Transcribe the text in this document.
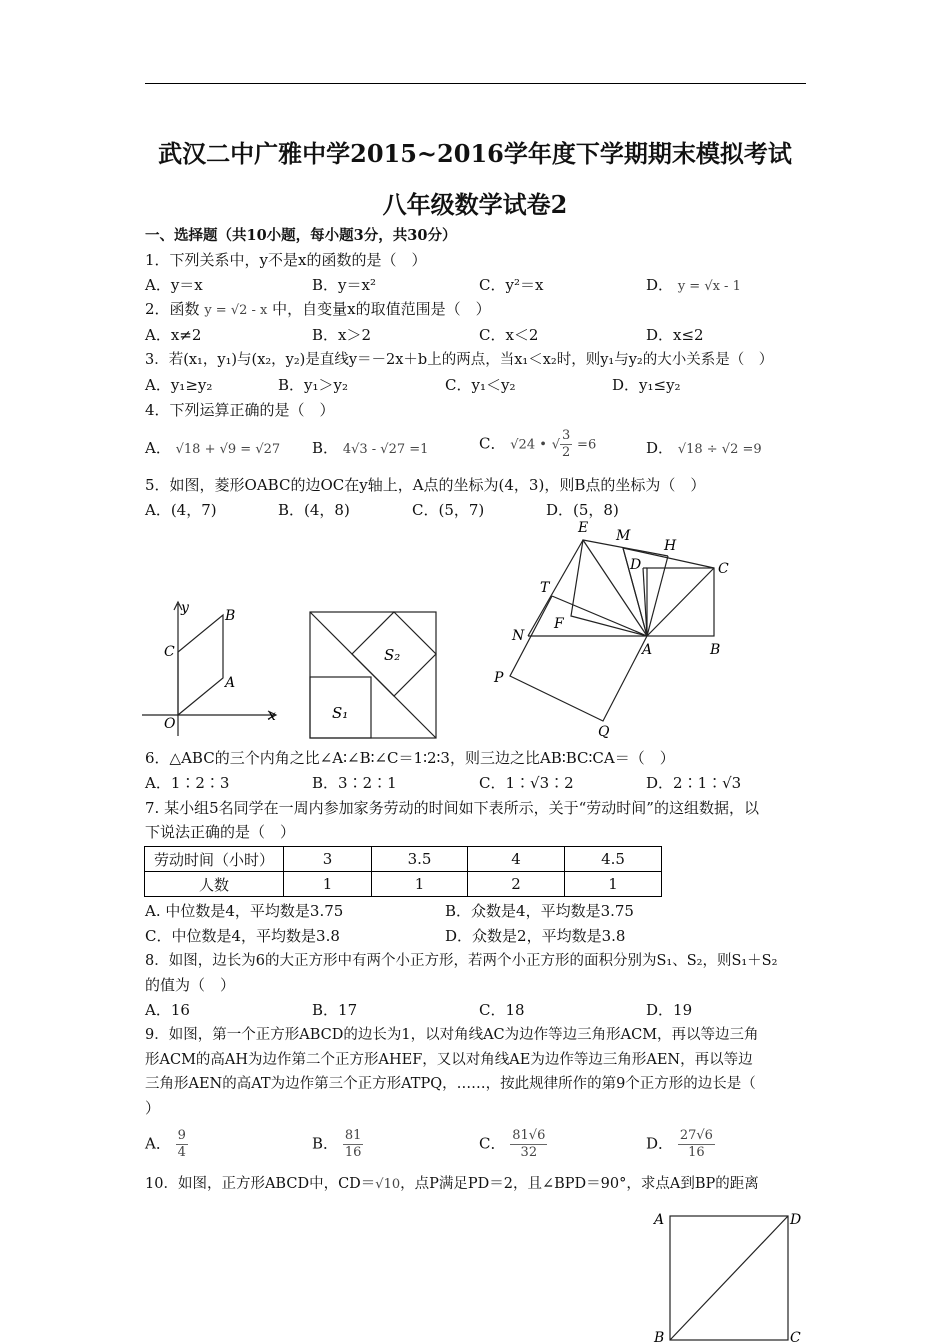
武汉二中广雅中学2015~2016学年度下学期期末模拟考试
八年级数学试卷2
一、选择题（共10小题，每小题3分，共30分）
1．下列关系中，y不是x的函数的是（　）
A．y＝x	B．y＝x²	C．y²＝x	D． y = √x - 1
2．函数 y = √2 - x 中，自变量x的取值范围是（　）
A．x≠2	B．x＞2	C．x＜2	D．x≤2
3．若(x₁，y₁)与(x₂，y₂)是直线y＝－2x＋b上的两点，当x₁＜x₂时，则y₁与y₂的大小关系是（　）
A．y₁≥y₂	B．y₁＞y₂	C．y₁＜y₂	D．y₁≤y₂
4．下列运算正确的是（　）
A． √18 + √9 = √27 B． 4√3 - √27 =1	C． √24 • √ $\frac{3}{2} =6$	D． √18 ÷ √2 =9
5．如图，菱形OABC的边OC在y轴上，A点的坐标为(4，3)，则B点的坐标为（　）
A．(4，7)	B．(4，8)	C．(5，7)	D．(5，8)
y	B
C
A
O	x
S₂
S₁
E M
H
D	C
T
F
N
A	B
P
Q
6．△ABC的三个内角之比∠A∶∠B∶∠C＝1∶2∶3，则三边之比AB∶BC∶CA＝（　）
A．1∶2∶3	B．3∶2∶1	C．1∶√3∶2	D．2∶1∶√3
7. 某小组5名同学在一周内参加家务劳动的时间如下表所示，关于“劳动时间”的这组数据，以
下说法正确的是（　）
劳动时间（小时）	3	3.5	4	4.5
人数	1	1	2	1
A. 中位数是4，平均数是3.75	B．众数是4，平均数是3.75
C．中位数是4，平均数是3.8	D．众数是2，平均数是3.8
8．如图，边长为6的大正方形中有两个小正方形，若两个小正方形的面积分别为S₁、S₂，则S₁＋S₂
的值为（　）
A．16	B．17	C．18	D．19
9．如图，第一个正方形ABCD的边长为1，以对角线AC为边作等边三角形ACM，再以等边三角
形ACM的高AH为边作第二个正方形AHEF，又以对角线AE为边作等边三角形AEN，再以等边
三角形AEN的高AT为边作第三个正方形ATPQ，……，按此规律所作的第9个正方形的边长是（
）
A． $\frac{9}{4}$	B． $\frac{81}{16}$	C． $\frac{81√6}{32}$	D． $\frac{27√6}{16}$
10．如图，正方形ABCD中，CD＝√10，点P满足PD＝2，且∠BPD＝90°，求点A到BP的距离
A	D
B	C
